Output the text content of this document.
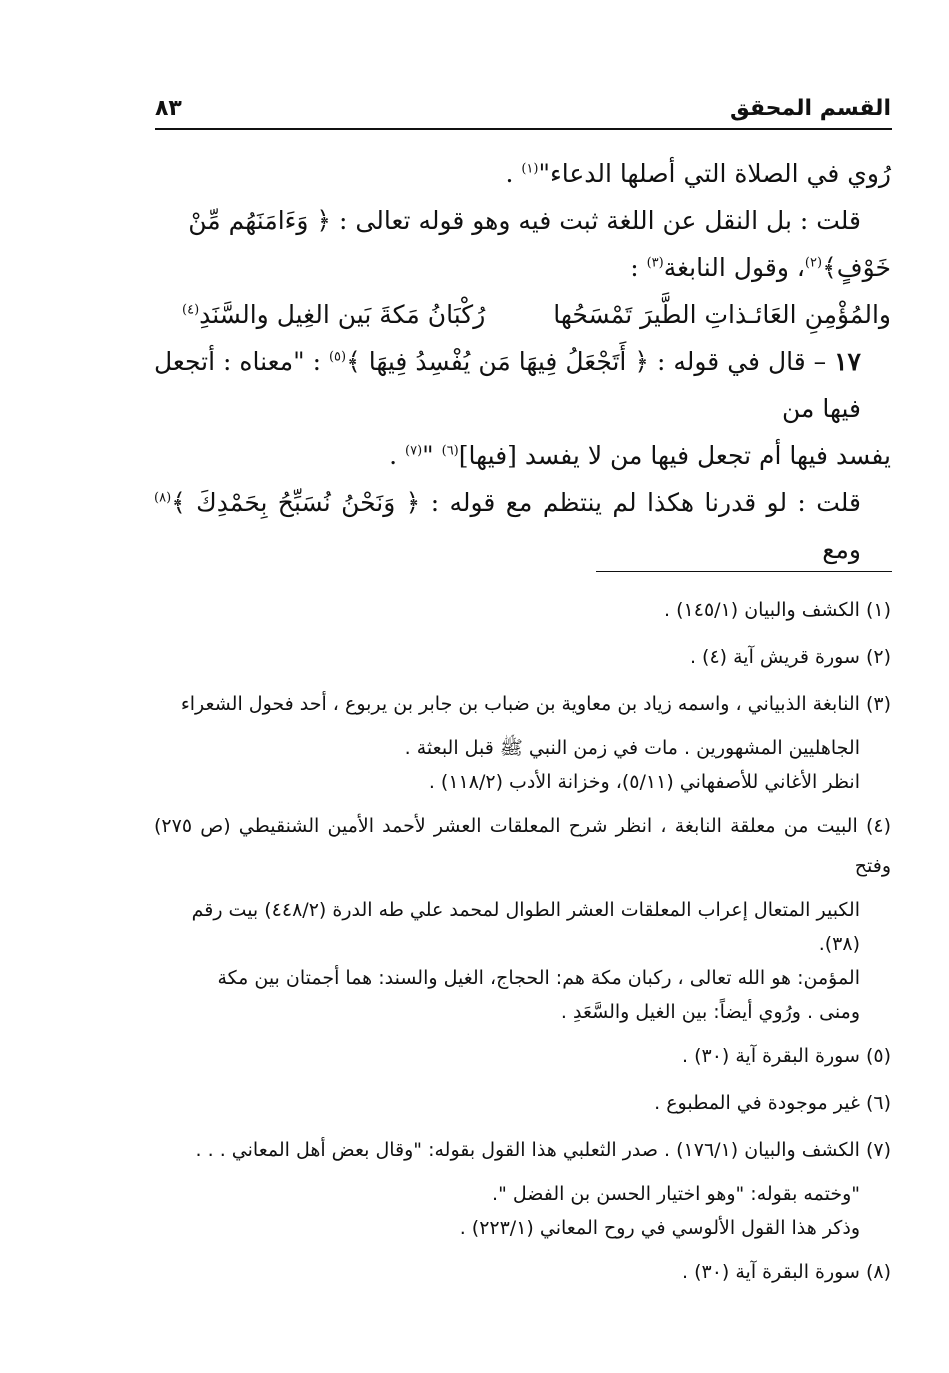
القسم المحقق
٨٣

رُوي في الصلاة التي أصلها الدعاء"$^{(١)}$ .

قلت : بل النقل عن اللغة ثبت فيه وهو قوله تعالى : ﴿ وَءَامَنَهُم مِّنْ

خَوْفٍ﴾$^{(٢)}$، وقول النابغة$^{(٣)}$ :

والمُؤْمِنِ العَائـذاتِ الطَّيرَ تَمْسَحُها
رُكْبَانُ مَكةَ بَين الغِيل والسَّنَدِ$^{(٤)}$

١٧ – قال في قوله : ﴿ أَتَجْعَلُ فِيهَا مَن يُفْسِدُ فِيهَا ﴾$^{(٥)}$ : "معناه : أتجعل فيها من

يفسد فيها أم تجعل فيها من لا يفسد [فيها]$^{(٦)}$ "$^{(٧)}$ .

قلت : لو قدرنا هكذا لم ينتظم مع قوله : ﴿ وَنَحْنُ نُسَبِّحُ بِحَمْدِكَ ﴾$^{(٨)}$ ومع

(١) الكشف والبيان (١٤٥/١) .

(٢) سورة قريش آية (٤) .

(٣) النابغة الذبياني ، واسمه زياد بن معاوية بن ضباب بن جابر بن يربوع ، أحد فحول الشعراء

الجاهليين المشهورين . مات في زمن النبي ﷺ قبل البعثة .

انظر الأغاني للأصفهاني (٥/١١)، وخزانة الأدب (١١٨/٢) .

(٤) البيت من معلقة النابغة ، انظر شرح المعلقات العشر لأحمد الأمين الشنقيطي (ص ٢٧٥) وفتح

الكبير المتعال إعراب المعلقات العشر الطوال لمحمد علي طه الدرة (٤٤٨/٢) بيت رقم (٣٨).

المؤمن: هو الله تعالى ، ركبان مكة هم: الحجاج، الغيل والسند: هما أجمتان بين مكة

ومنى . ورُوي أيضاً: بين الغيل والسَّعَدِ .

(٥) سورة البقرة آية (٣٠) .

(٦) غير موجودة في المطبوع .

(٧) الكشف والبيان (١٧٦/١) . صدر الثعلبي هذا القول بقوله: "وقال بعض أهل المعاني . . .

"وختمه بقوله: "وهو اختيار الحسن بن الفضل ".

وذكر هذا القول الألوسي في روح المعاني (٢٢٣/١) .

(٨) سورة البقرة آية (٣٠) .
